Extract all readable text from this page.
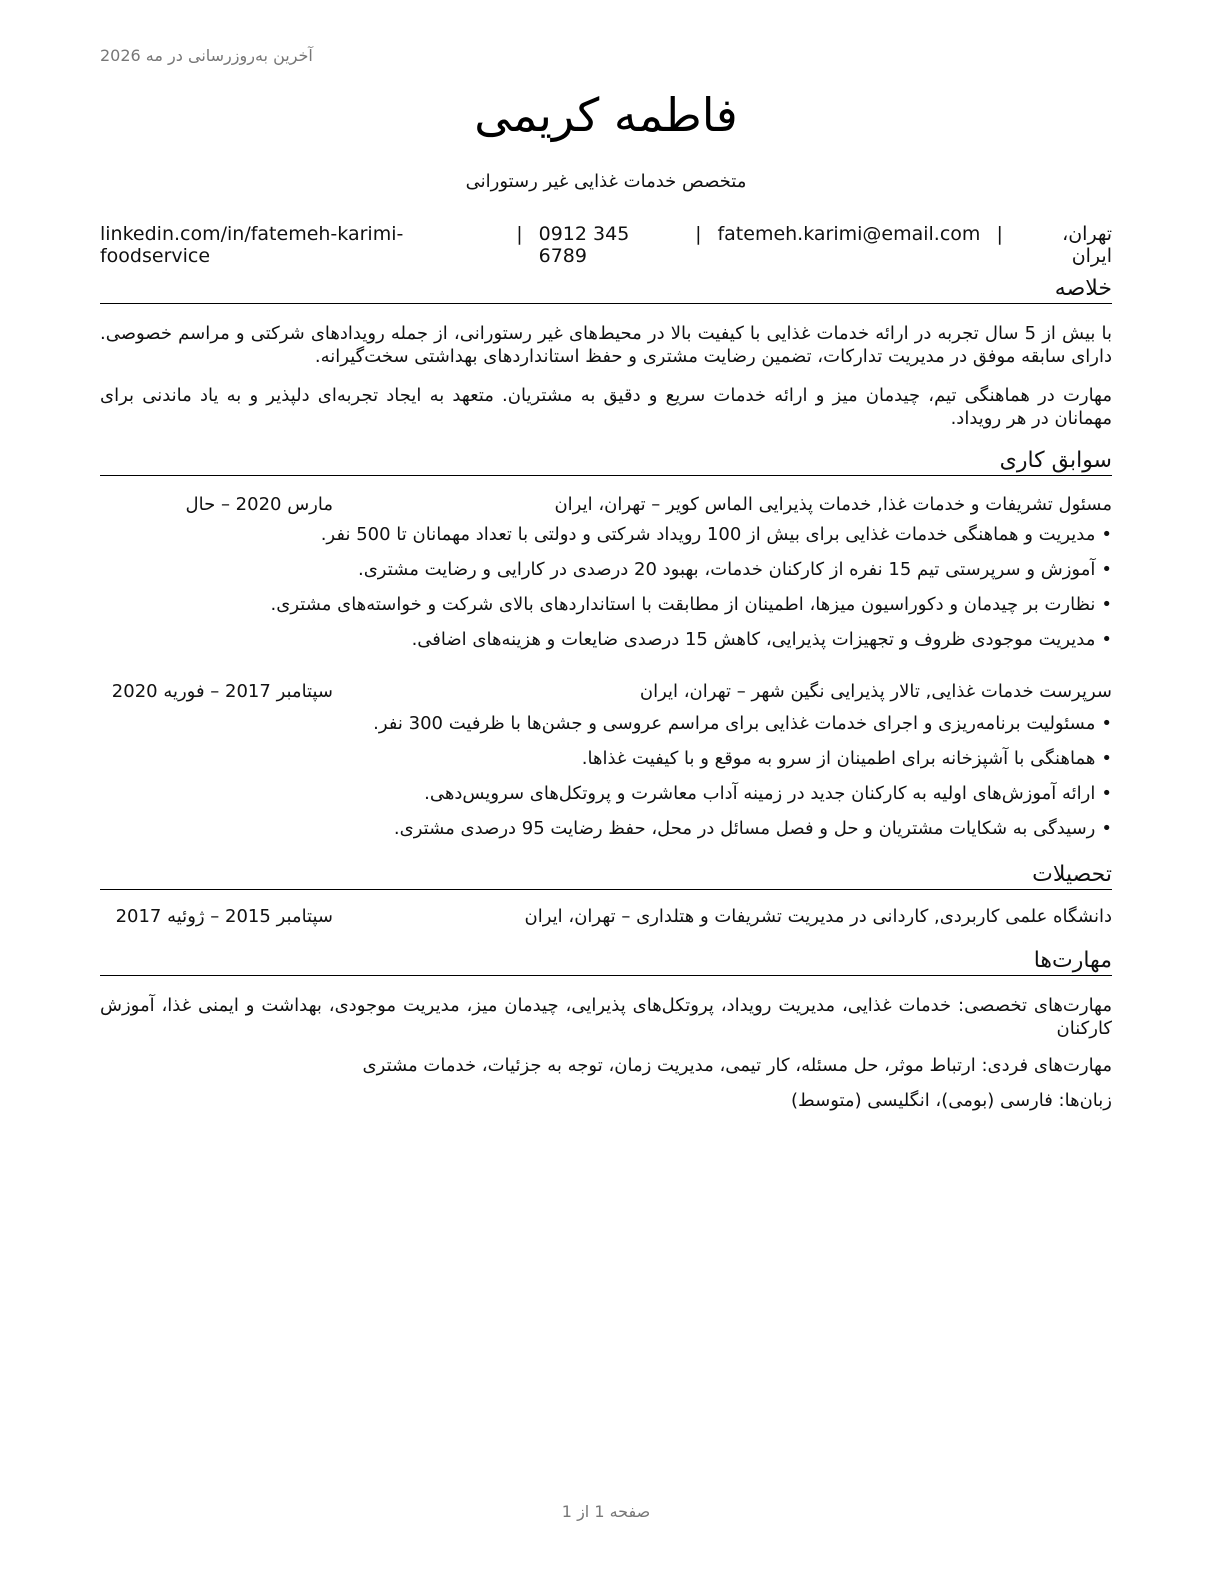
آخرین به‌روزرسانی در مه 2026
فاطمه کریمی
متخصص خدمات غذایی غیر رستورانی
تهران، ایران
|
fatemeh.karimi@email.com
|
0912 345 6789
|
linkedin.com/in/fatemeh-karimi-foodservice
خلاصه
با بیش از 5 سال تجربه در ارائه خدمات غذایی با کیفیت بالا در محیط‌های غیر رستورانی، از جمله رویدادهای شرکتی و مراسم خصوصی. دارای سابقه موفق در مدیریت تدارکات، تضمین رضایت مشتری و حفظ استانداردهای بهداشتی سخت‌گیرانه.
مهارت در هماهنگی تیم، چیدمان میز و ارائه خدمات سریع و دقیق به مشتریان. متعهد به ایجاد تجربه‌ای دلپذیر و به یاد ماندنی برای مهمانان در هر رویداد.
سوابق کاری
مسئول تشریفات و خدمات غذا, خدمات پذیرایی الماس کویر – تهران، ایران
مارس 2020 – حال
• مدیریت و هماهنگی خدمات غذایی برای بیش از 100 رویداد شرکتی و دولتی با تعداد مهمانان تا 500 نفر.
• آموزش و سرپرستی تیم 15 نفره از کارکنان خدمات، بهبود 20 درصدی در کارایی و رضایت مشتری.
• نظارت بر چیدمان و دکوراسیون میزها، اطمینان از مطابقت با استانداردهای بالای شرکت و خواسته‌های مشتری.
• مدیریت موجودی ظروف و تجهیزات پذیرایی، کاهش 15 درصدی ضایعات و هزینه‌های اضافی.
سرپرست خدمات غذایی, تالار پذیرایی نگین شهر – تهران، ایران
سپتامبر 2017 – فوریه 2020
• مسئولیت برنامه‌ریزی و اجرای خدمات غذایی برای مراسم عروسی و جشن‌ها با ظرفیت 300 نفر.
• هماهنگی با آشپزخانه برای اطمینان از سرو به موقع و با کیفیت غذاها.
• ارائه آموزش‌های اولیه به کارکنان جدید در زمینه آداب معاشرت و پروتکل‌های سرویس‌دهی.
• رسیدگی به شکایات مشتریان و حل و فصل مسائل در محل، حفظ رضایت 95 درصدی مشتری.
تحصیلات
دانشگاه علمی کاربردی, کاردانی در مدیریت تشریفات و هتلداری – تهران، ایران
سپتامبر 2015 – ژوئیه 2017
مهارت‌ها
مهارت‌های تخصصی: خدمات غذایی، مدیریت رویداد، پروتکل‌های پذیرایی، چیدمان میز، مدیریت موجودی، بهداشت و ایمنی غذا، آموزش کارکنان
مهارت‌های فردی: ارتباط موثر، حل مسئله، کار تیمی، مدیریت زمان، توجه به جزئیات، خدمات مشتری
زبان‌ها: فارسی (بومی)، انگلیسی (متوسط)
صفحه 1 از 1
